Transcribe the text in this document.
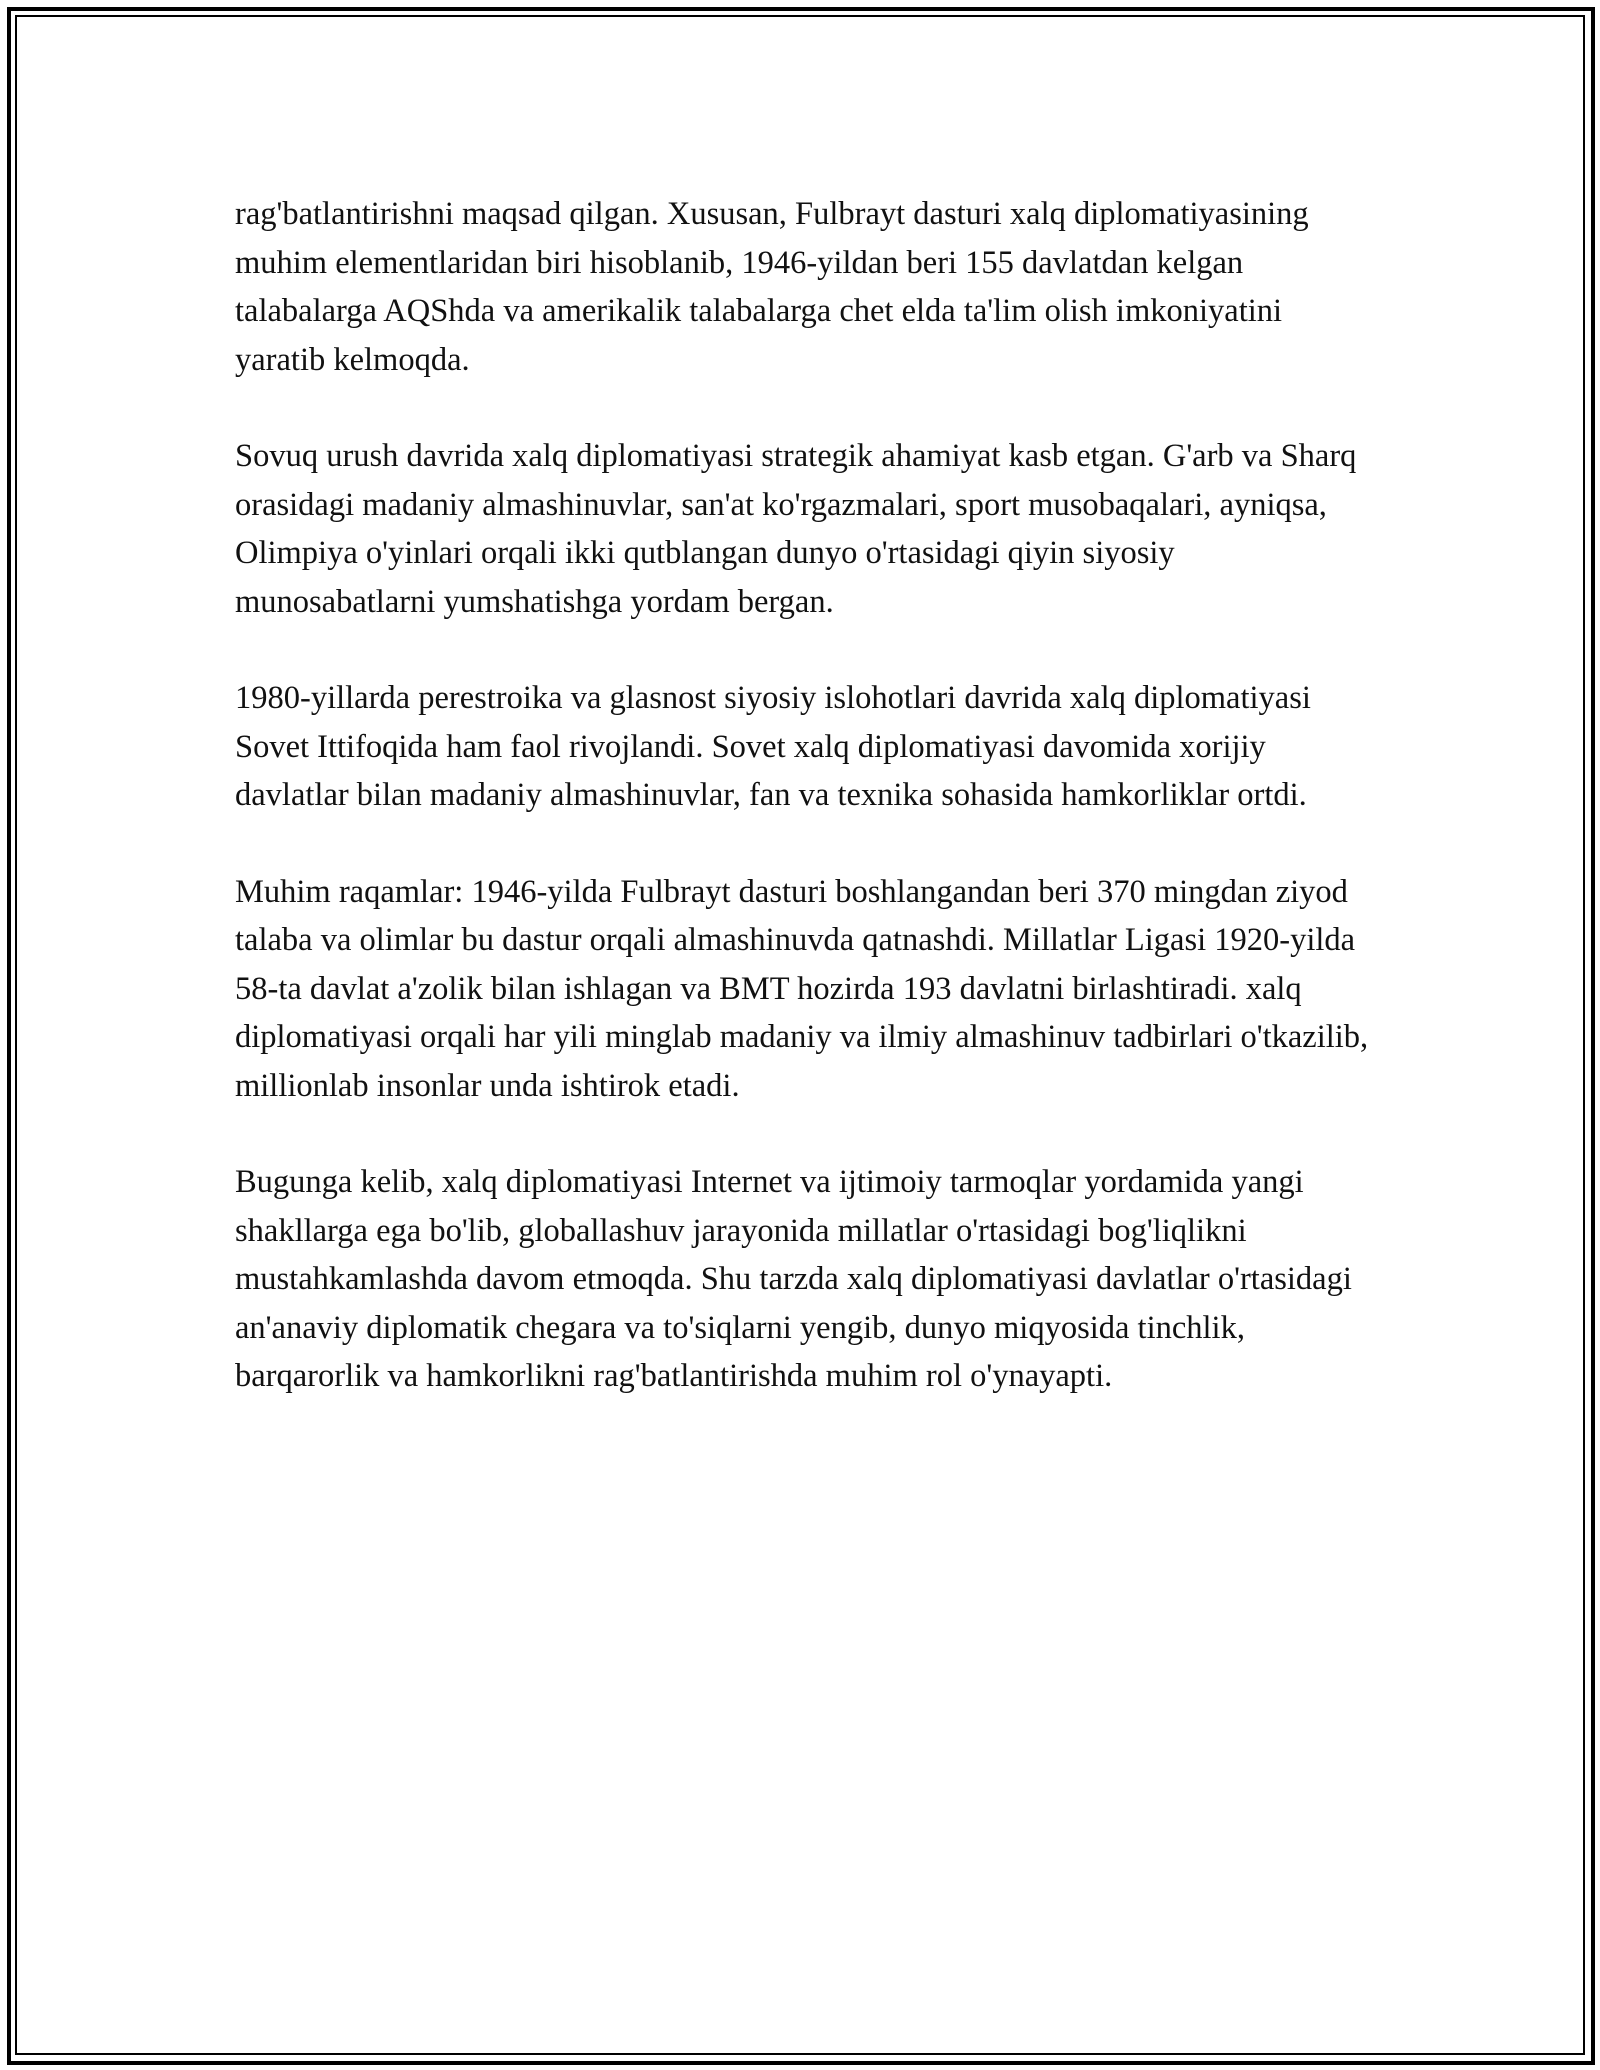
rag'batlantirishni maqsad qilgan. Xususan, Fulbrayt dasturi xalq diplomatiyasining muhim elementlaridan biri hisoblanib, 1946-yildan beri 155 davlatdan kelgan talabalarga AQShda va amerikalik talabalarga chet elda ta'lim olish imkoniyatini yaratib kelmoqda.

Sovuq urush davrida xalq diplomatiyasi strategik ahamiyat kasb etgan. G'arb va Sharq orasidagi madaniy almashinuvlar, san'at ko'rgazmalari, sport musobaqalari, ayniqsa, Olimpiya o'yinlari orqali ikki qutblangan dunyo o'rtasidagi qiyin siyosiy munosabatlarni yumshatishga yordam bergan.

1980-yillarda perestroika va glasnost siyosiy islohotlari davrida xalq diplomatiyasi Sovet Ittifoqida ham faol rivojlandi. Sovet xalq diplomatiyasi davomida xorijiy davlatlar bilan madaniy almashinuvlar, fan va texnika sohasida hamkorliklar ortdi.

Muhim raqamlar: 1946-yilda Fulbrayt dasturi boshlangandan beri 370 mingdan ziyod talaba va olimlar bu dastur orqali almashinuvda qatnashdi. Millatlar Ligasi 1920-yilda 58-ta davlat a'zolik bilan ishlagan va BMT hozirda 193 davlatni birlashtiradi. xalq diplomatiyasi orqali har yili minglab madaniy va ilmiy almashinuv tadbirlari o'tkazilib, millionlab insonlar unda ishtirok etadi.

Bugunga kelib, xalq diplomatiyasi Internet va ijtimoiy tarmoqlar yordamida yangi shakllarga ega bo'lib, globallashuv jarayonida millatlar o'rtasidagi bog'liqlikni mustahkamlashda davom etmoqda. Shu tarzda xalq diplomatiyasi davlatlar o'rtasidagi an'anaviy diplomatik chegara va to'siqlarni yengib, dunyo miqyosida tinchlik, barqarorlik va hamkorlikni rag'batlantirishda muhim rol o'ynayapti.
